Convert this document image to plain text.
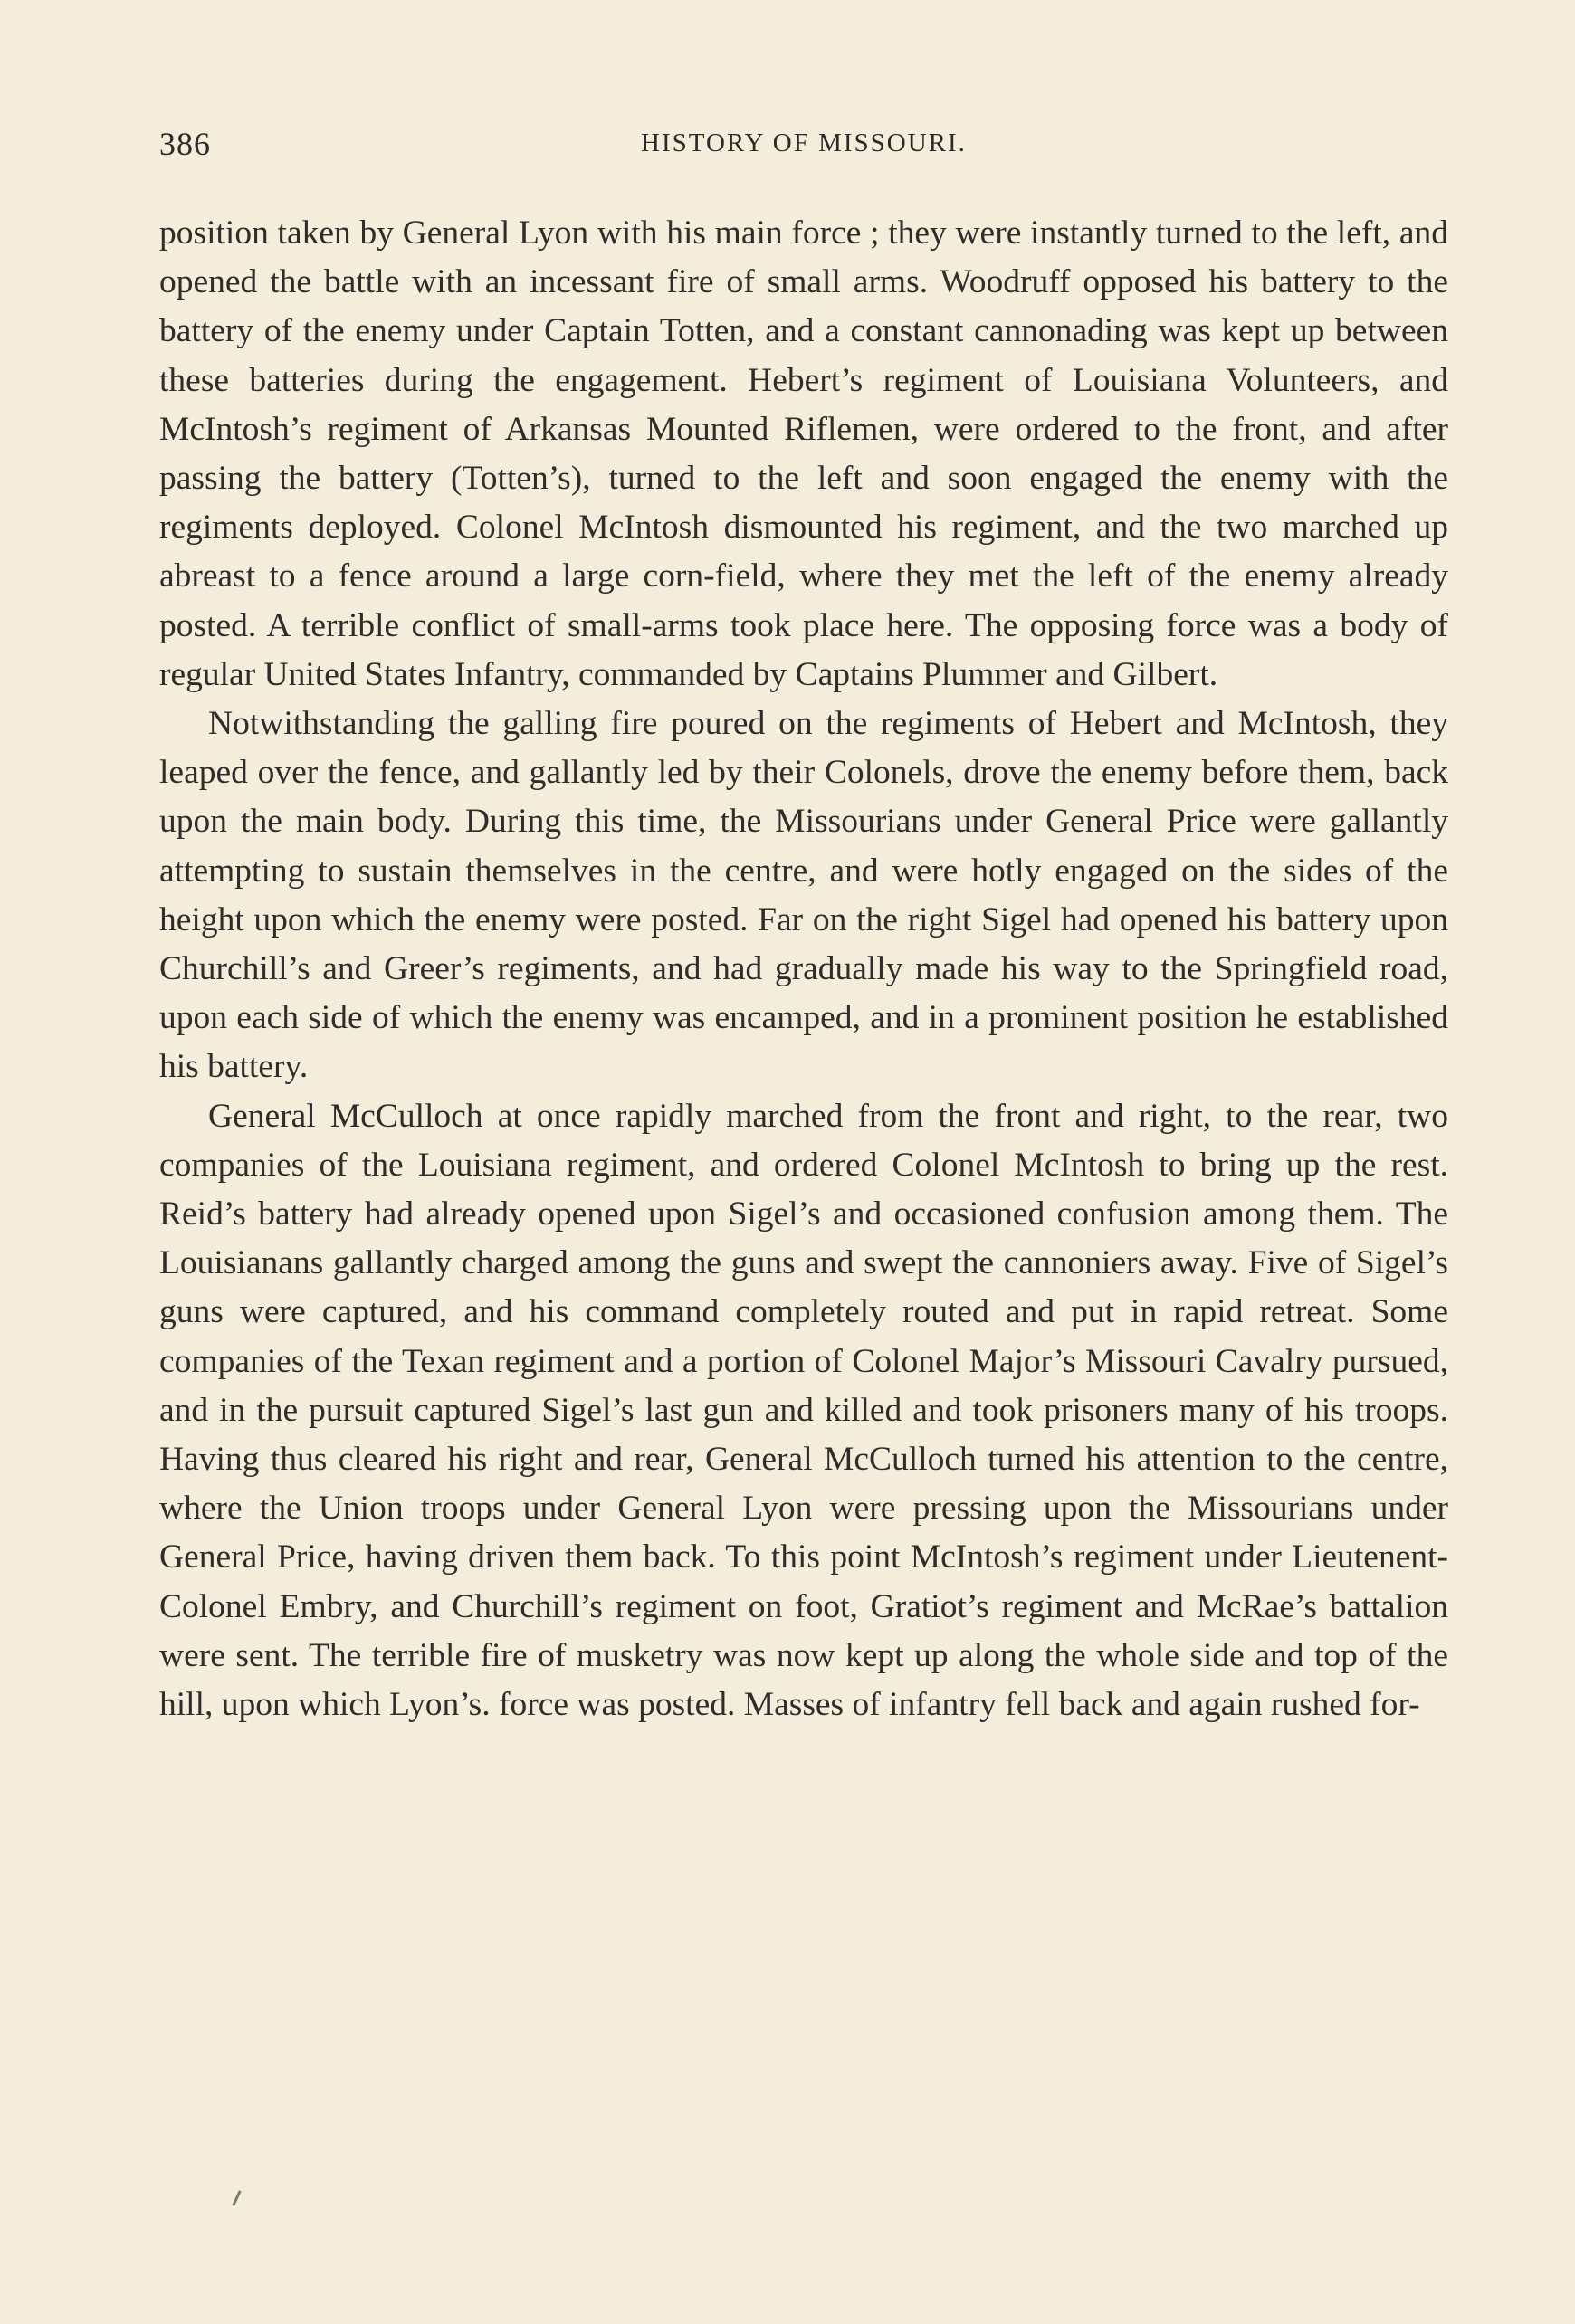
386	HISTORY OF MISSOURI.

position taken by General Lyon with his main force ; they were instantly turned to the left, and opened the battle with an incessant fire of small arms. Woodruff opposed his battery to the battery of the enemy under Captain Totten, and a constant cannonading was kept up between these batteries during the engagement. Hebert’s regiment of Louisiana Volunteers, and McIntosh’s regiment of Arkansas Mounted Riflemen, were ordered to the front, and after passing the battery (Totten’s), turned to the left and soon engaged the enemy with the regiments deployed. Colonel McIntosh dismounted his regiment, and the two marched up abreast to a fence around a large corn-field, where they met the left of the enemy already posted. A terrible conflict of small-arms took place here. The opposing force was a body of regular United States Infantry, commanded by Captains Plummer and Gilbert.

Notwithstanding the galling fire poured on the regiments of Hebert and McIntosh, they leaped over the fence, and gallantly led by their Colonels, drove the enemy before them, back upon the main body. During this time, the Missourians under General Price were gallantly attempting to sustain themselves in the centre, and were hotly engaged on the sides of the height upon which the enemy were posted. Far on the right Sigel had opened his battery upon Churchill’s and Greer’s regiments, and had gradually made his way to the Springfield road, upon each side of which the enemy was encamped, and in a prominent position he established his battery.

General McCulloch at once rapidly marched from the front and right, to the rear, two companies of the Louisiana regiment, and ordered Colonel McIntosh to bring up the rest. Reid’s battery had already opened upon Sigel’s and occasioned confusion among them. The Louisianans gallantly charged among the guns and swept the cannoniers away. Five of Sigel’s guns were captured, and his command completely routed and put in rapid retreat. Some companies of the Texan regiment and a portion of Colonel Major’s Missouri Cavalry pursued, and in the pursuit captured Sigel’s last gun and killed and took prisoners many of his troops. Having thus cleared his right and rear, General McCulloch turned his attention to the centre, where the Union troops under General Lyon were pressing upon the Missourians under General Price, having driven them back. To this point McIntosh’s regiment under Lieutenent-Colonel Embry, and Churchill’s regiment on foot, Gratiot’s regiment and McRae’s battalion were sent. The terrible fire of musketry was now kept up along the whole side and top of the hill, upon which Lyon’s. force was posted. Masses of infantry fell back and again rushed for-
